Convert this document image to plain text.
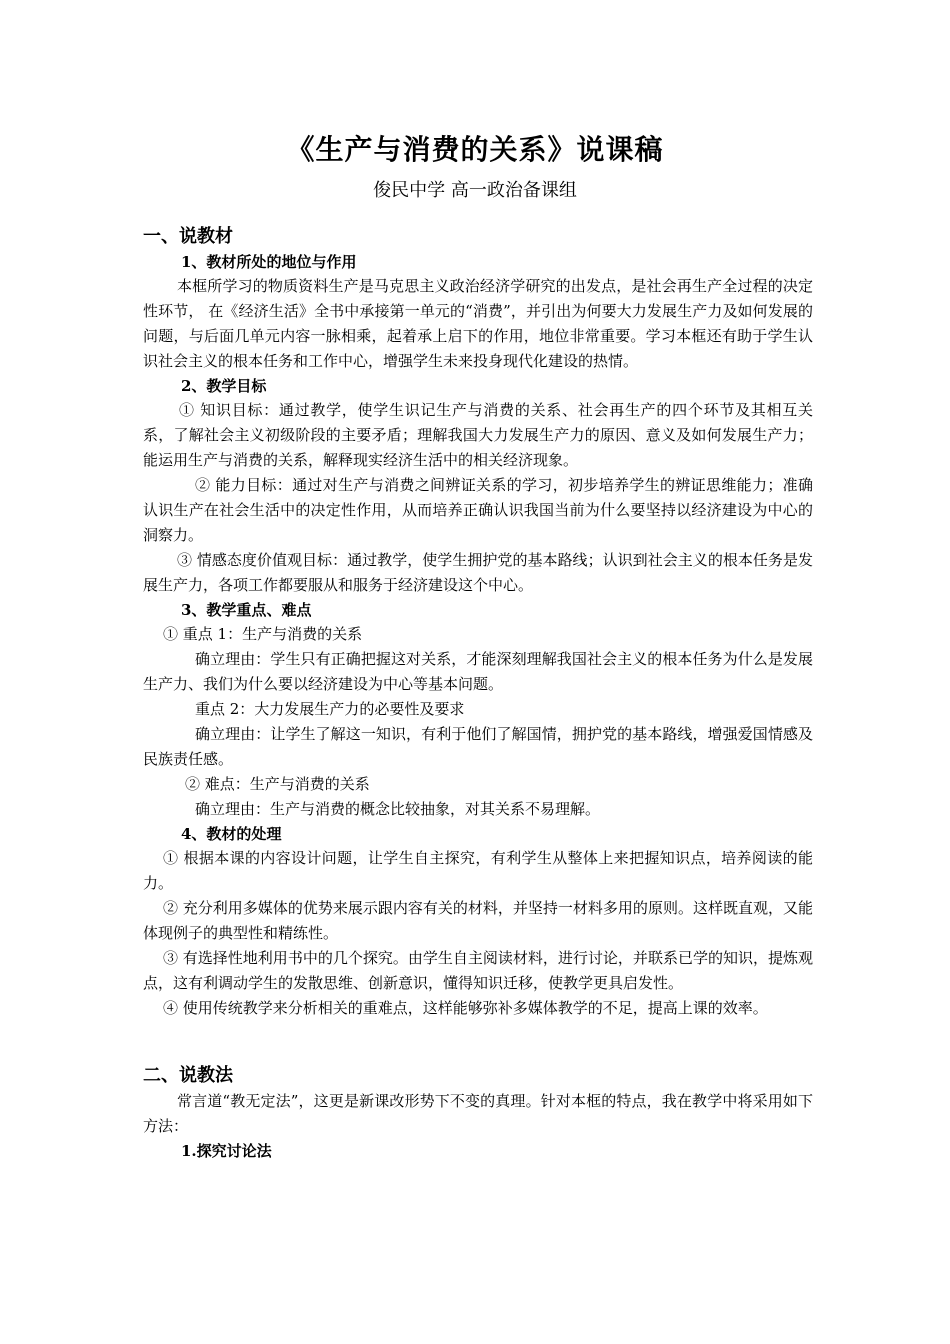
《生产与消费的关系》说课稿
俊民中学 高一政治备课组
一、说教材
1、教材所处的地位与作用

本框所学习的物质资料生产是马克思主义政治经济学研究的出发点，是社会再生产全过程的决定性环节， 在《经济生活》全书中承接第一单元的“消费”，并引出为何要大力发展生产力及如何发展的问题，与后面几单元内容一脉相乘，起着承上启下的作用，地位非常重要。学习本框还有助于学生认识社会主义的根本任务和工作中心，增强学生未来投身现代化建设的热情。

2、教学目标

① 知识目标：通过教学，使学生识记生产与消费的关系、社会再生产的四个环节及其相互关系，了解社会主义初级阶段的主要矛盾；理解我国大力发展生产力的原因、意义及如何发展生产力；能运用生产与消费的关系，解释现实经济生活中的相关经济现象。

② 能力目标：通过对生产与消费之间辨证关系的学习，初步培养学生的辨证思维能力；准确认识生产在社会生活中的决定性作用，从而培养正确认识我国当前为什么要坚持以经济建设为中心的洞察力。

③ 情感态度价值观目标：通过教学，使学生拥护党的基本路线；认识到社会主义的根本任务是发展生产力，各项工作都要服从和服务于经济建设这个中心。

3、教学重点、难点

① 重点 1：生产与消费的关系

确立理由：学生只有正确把握这对关系，才能深刻理解我国社会主义的根本任务为什么是发展生产力、我们为什么要以经济建设为中心等基本问题。

重点 2：大力发展生产力的必要性及要求

确立理由：让学生了解这一知识，有利于他们了解国情，拥护党的基本路线，增强爱国情感及民族责任感。

② 难点：生产与消费的关系

确立理由：生产与消费的概念比较抽象，对其关系不易理解。

4、教材的处理

① 根据本课的内容设计问题，让学生自主探究，有利学生从整体上来把握知识点，培养阅读的能力。

② 充分利用多媒体的优势来展示跟内容有关的材料，并坚持一材料多用的原则。这样既直观，又能体现例子的典型性和精练性。

③ 有选择性地利用书中的几个探究。由学生自主阅读材料，进行讨论，并联系已学的知识，提炼观点，这有利调动学生的发散思维、创新意识，懂得知识迁移，使教学更具启发性。

④ 使用传统教学来分析相关的重难点，这样能够弥补多媒体教学的不足，提高上课的效率。

二、说教法

常言道“教无定法”，这更是新课改形势下不变的真理。针对本框的特点，我在教学中将采用如下方法：

1.探究讨论法
